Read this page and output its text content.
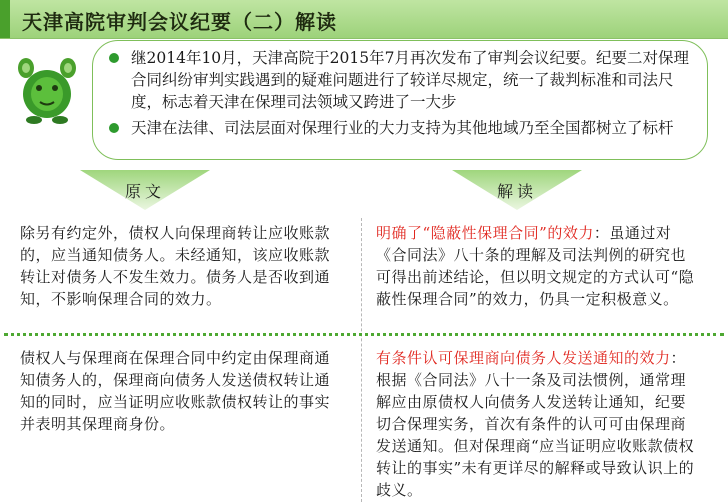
天津高院审判会议纪要（二）解读
继2014年10月，天津高院于2015年7月再次发布了审判会议纪要。纪要二对保理合同纠纷审判实践遇到的疑难问题进行了较详尽规定，统一了裁判标准和司法尺度，标志着天津在保理司法领域又跨进了一大步
天津在法律、司法层面对保理行业的大力支持为其他地域乃至全国都树立了标杆
原文	解读
除另有约定外，债权人向保理商转让应收账款的，应当通知债务人。未经通知，该应收账款转让对债务人不发生效力。债务人是否收到通知，不影响保理合同的效力。
明确了“隐蔽性保理合同”的效力：虽通过对《合同法》八十条的理解及司法判例的研究也可得出前述结论，但以明文规定的方式认可“隐蔽性保理合同”的效力，仍具一定积极意义。
债权人与保理商在保理合同中约定由保理商通知债务人的，保理商向债务人发送债权转让通知的同时，应当证明应收账款债权转让的事实并表明其保理商身份。
有条件认可保理商向债务人发送通知的效力：根据《合同法》八十一条及司法惯例，通常理解应由原债权人向债务人发送转让通知，纪要切合保理实务，首次有条件的认可可由保理商发送通知。但对保理商“应当证明应收账款债权转让的事实”未有更详尽的解释或导致认识上的歧义。
